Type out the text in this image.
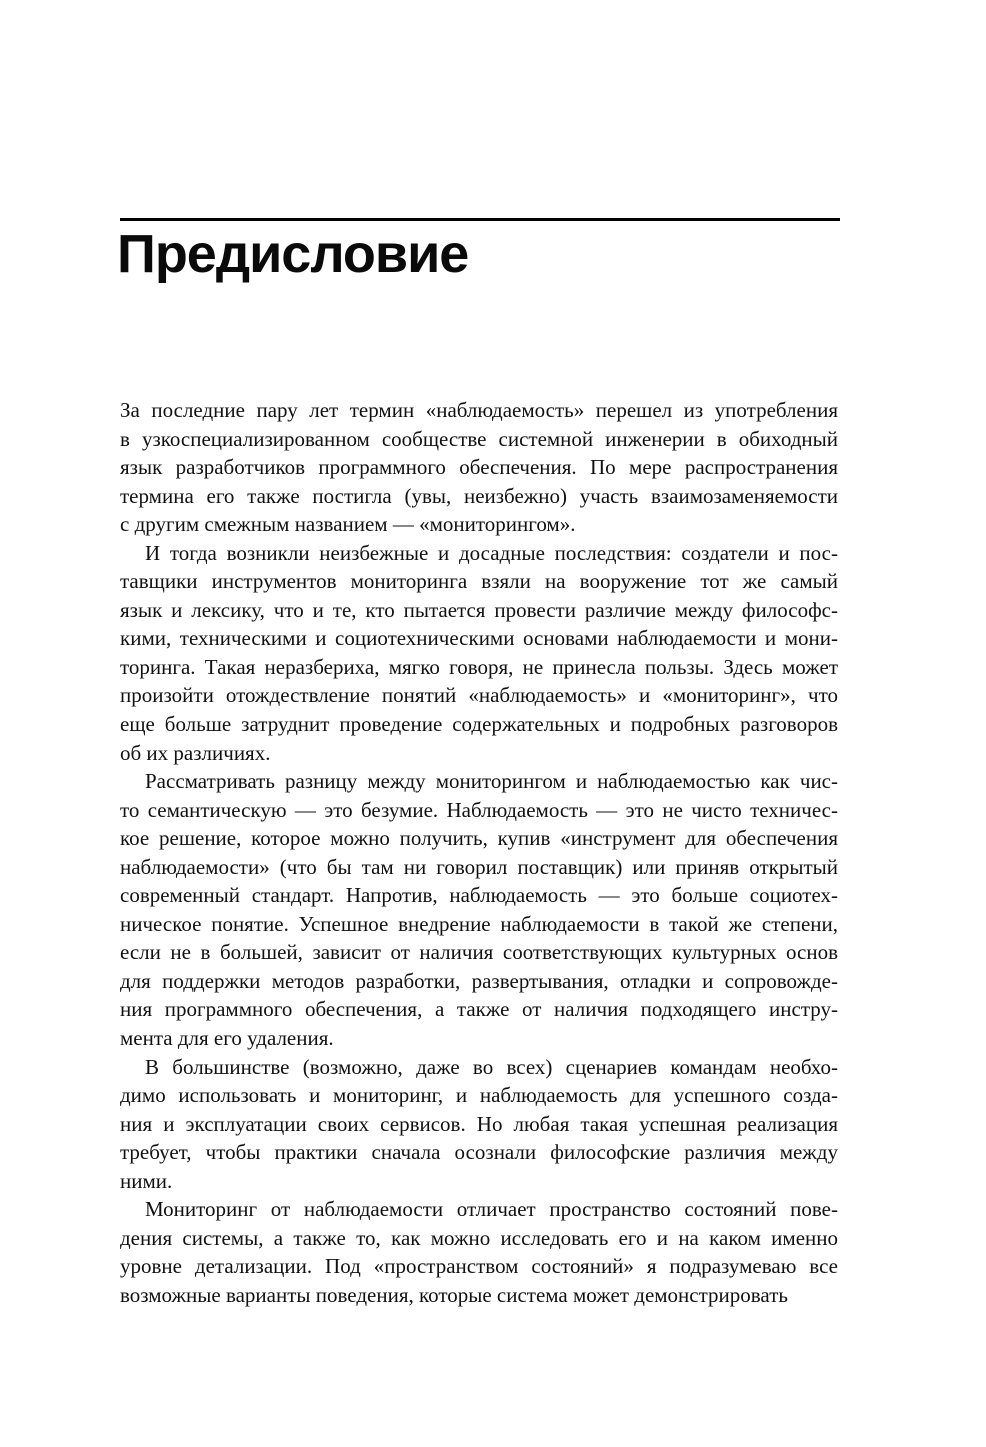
Предисловие

За последние пару лет термин «наблюдаемость» перешел из употребления
в узкоспециализированном сообществе системной инженерии в обиходный
язык разработчиков программного обеспечения. По мере распространения
термина его также постигла (увы, неизбежно) участь взаимозаменяемости
с другим смежным названием — «мониторингом».

И тогда возникли неизбежные и досадные последствия: создатели и пос-
тавщики инструментов мониторинга взяли на вооружение тот же самый
язык и лексику, что и те, кто пытается провести различие между философс-
кими, техническими и социотехническими основами наблюдаемости и мони-
торинга. Такая неразбериха, мягко говоря, не принесла пользы. Здесь может
произойти отождествление понятий «наблюдаемость» и «мониторинг», что
еще больше затруднит проведение содержательных и подробных разговоров
об их различиях.

Рассматривать разницу между мониторингом и наблюдаемостью как чис-
то семантическую — это безумие. Наблюдаемость — это не чисто техничес-
кое решение, которое можно получить, купив «инструмент для обеспечения
наблюдаемости» (что бы там ни говорил поставщик) или приняв открытый
современный стандарт. Напротив, наблюдаемость — это больше социотех-
ническое понятие. Успешное внедрение наблюдаемости в такой же степени,
если не в большей, зависит от наличия соответствующих культурных основ
для поддержки методов разработки, развертывания, отладки и сопровожде-
ния программного обеспечения, а также от наличия подходящего инстру-
мента для его удаления.

В большинстве (возможно, даже во всех) сценариев командам необхо-
димо использовать и мониторинг, и наблюдаемость для успешного созда-
ния и эксплуатации своих сервисов. Но любая такая успешная реализация
требует, чтобы практики сначала осознали философские различия между
ними.

Мониторинг от наблюдаемости отличает пространство состояний пове-
дения системы, а также то, как можно исследовать его и на каком именно
уровне детализации. Под «пространством состояний» я подразумеваю все
возможные варианты поведения, которые система может демонстрировать
